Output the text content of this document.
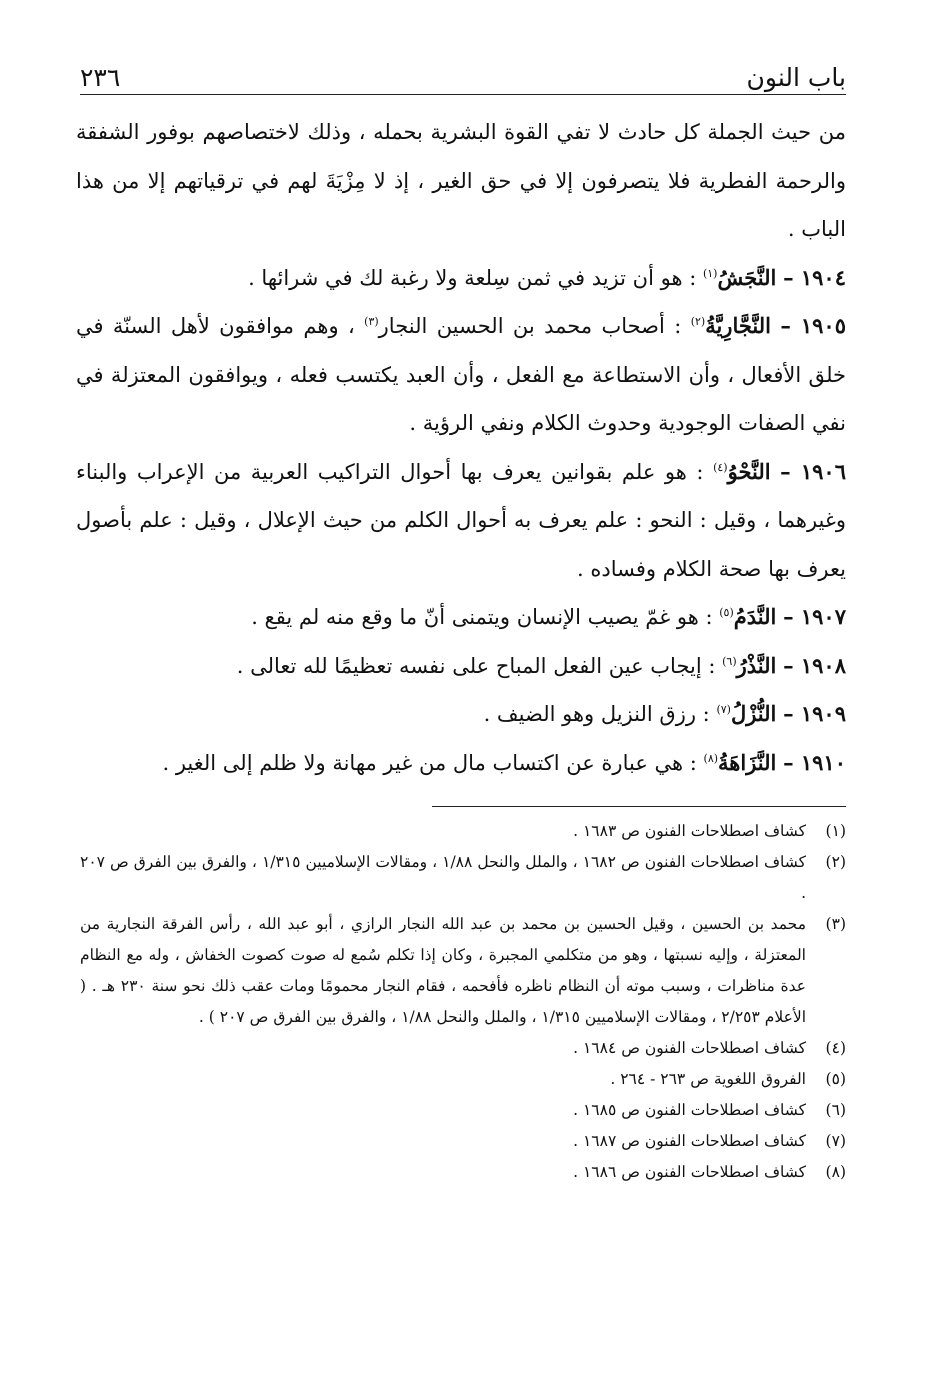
باب النون
٢٣٦

من حيث الجملة كل حادث لا تفي القوة البشرية بحمله ، وذلك لاختصاصهم بوفور الشفقة والرحمة الفطرية فلا يتصرفون إلا في حق الغير ، إذ لا مِزْيَةَ لهم في ترقياتهم إلا من هذا الباب .

١٩٠٤ – النَّجَشُ$^{(١)}$ : هو أن تزيد في ثمن سِلعة ولا رغبة لك في شرائها .

١٩٠٥ – النَّجَّارِيَّةُ$^{(٢)}$ : أصحاب محمد بن الحسين النجار$^{(٣)}$ ، وهم موافقون لأهل السنّة في خلق الأفعال ، وأن الاستطاعة مع الفعل ، وأن العبد يكتسب فعله ، ويوافقون المعتزلة في نفي الصفات الوجودية وحدوث الكلام ونفي الرؤية .

١٩٠٦ – النَّحْوُ$^{(٤)}$ : هو علم بقوانين يعرف بها أحوال التراكيب العربية من الإعراب والبناء وغيرهما ، وقيل : النحو : علم يعرف به أحوال الكلم من حيث الإعلال ، وقيل : علم بأصول يعرف بها صحة الكلام وفساده .

١٩٠٧ – النَّدَمُ$^{(٥)}$ : هو غمّ يصيب الإنسان ويتمنى أنّ ما وقع منه لم يقع .

١٩٠٨ – النَّذْرُ$^{(٦)}$ : إيجاب عين الفعل المباح على نفسه تعظيمًا لله تعالى .

١٩٠٩ – النُّزْلُ$^{(٧)}$ : رزق النزيل وهو الضيف .

١٩١٠ – النَّزَاهَةُ$^{(٨)}$ : هي عبارة عن اكتساب مال من غير مهانة ولا ظلم إلى الغير .

(١)
كشاف اصطلاحات الفنون ص ١٦٨٣ .
(٢)
كشاف اصطلاحات الفنون ص ١٦٨٢ ، والملل والنحل ١/٨٨ ، ومقالات الإسلاميين ١/٣١٥ ، والفرق بين الفرق ص ٢٠٧ .
(٣)
محمد بن الحسين ، وقيل الحسين بن محمد بن عبد الله النجار الرازي ، أبو عبد الله ، رأس الفرقة النجارية من المعتزلة ، وإليه نسبتها ، وهو من متكلمي المجبرة ، وكان إذا تكلم سُمع له صوت كصوت الخفاش ، وله مع النظام عدة مناظرات ، وسبب موته أن النظام ناظره فأفحمه ، فقام النجار محمومًا ومات عقب ذلك نحو سنة ٢٣٠ هـ . ( الأعلام ٢/٢٥٣ ، ومقالات الإسلاميين ١/٣١٥ ، والملل والنحل ١/٨٨ ، والفرق بين الفرق ص ٢٠٧ ) .
(٤)
كشاف اصطلاحات الفنون ص ١٦٨٤ .
(٥)
الفروق اللغوية ص ٢٦٣ - ٢٦٤ .
(٦)
كشاف اصطلاحات الفنون ص ١٦٨٥ .
(٧)
كشاف اصطلاحات الفنون ص ١٦٨٧ .
(٨)
كشاف اصطلاحات الفنون ص ١٦٨٦ .
